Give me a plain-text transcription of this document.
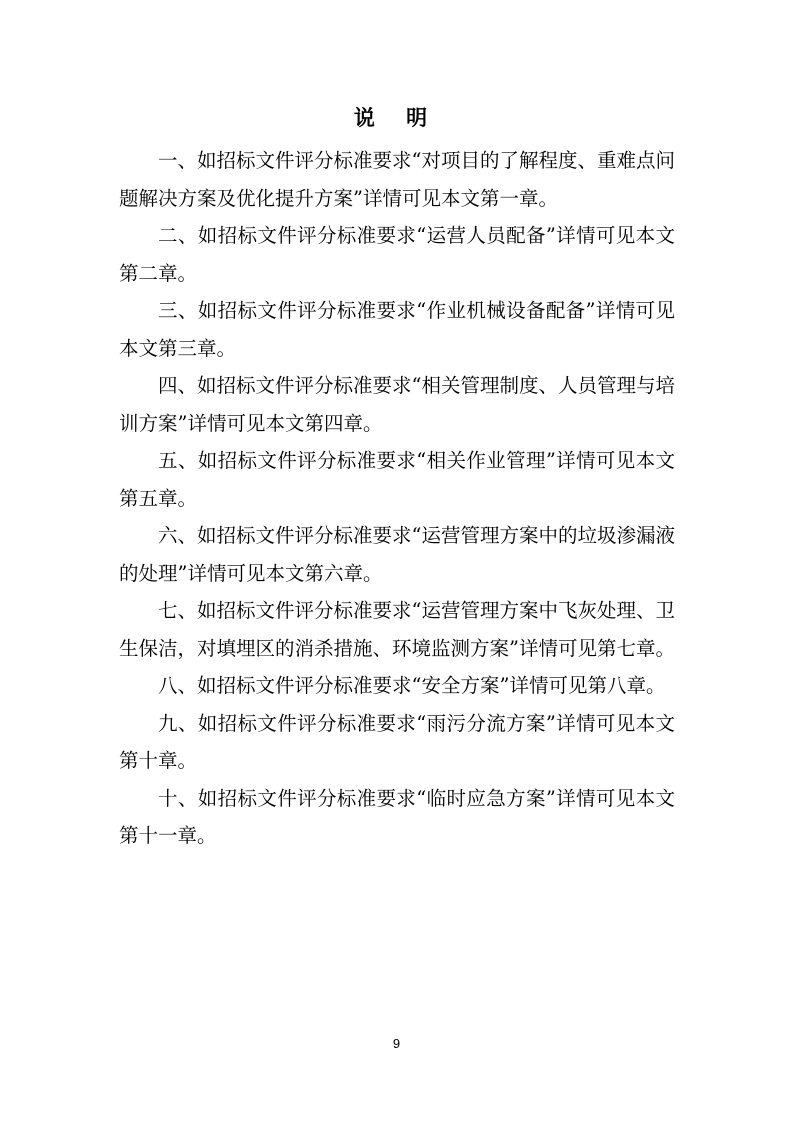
说 明

一、如招标文件评分标准要求“对项目的了解程度、重难点问题解决方案及优化提升方案”详情可见本文第一章。

二、如招标文件评分标准要求“运营人员配备”详情可见本文第二章。

三、如招标文件评分标准要求“作业机械设备配备”详情可见本文第三章。

四、如招标文件评分标准要求“相关管理制度、人员管理与培训方案”详情可见本文第四章。

五、如招标文件评分标准要求“相关作业管理”详情可见本文第五章。

六、如招标文件评分标准要求“运营管理方案中的垃圾渗漏液的处理”详情可见本文第六章。

七、如招标文件评分标准要求“运营管理方案中飞灰处理、卫生保洁，对填埋区的消杀措施、环境监测方案”详情可见第七章。

八、如招标文件评分标准要求“安全方案”详情可见第八章。

九、如招标文件评分标准要求“雨污分流方案”详情可见本文第十章。

十、如招标文件评分标准要求“临时应急方案”详情可见本文第十一章。

9
